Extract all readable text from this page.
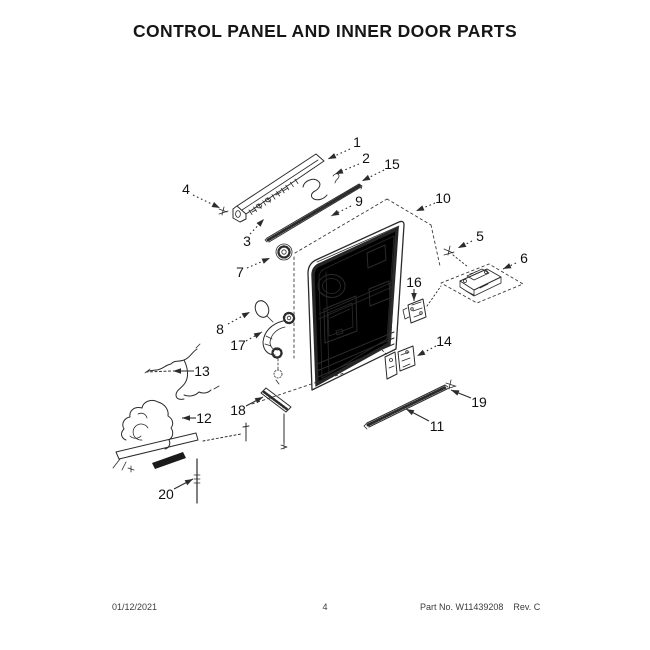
CONTROL PANEL AND INNER DOOR PARTS
1
2 15
4
3
9	10
5
6
7
16
8
17	14
13
12 18
11
19
20
01/12/2021	4	Part No. W11439208 Rev. C
